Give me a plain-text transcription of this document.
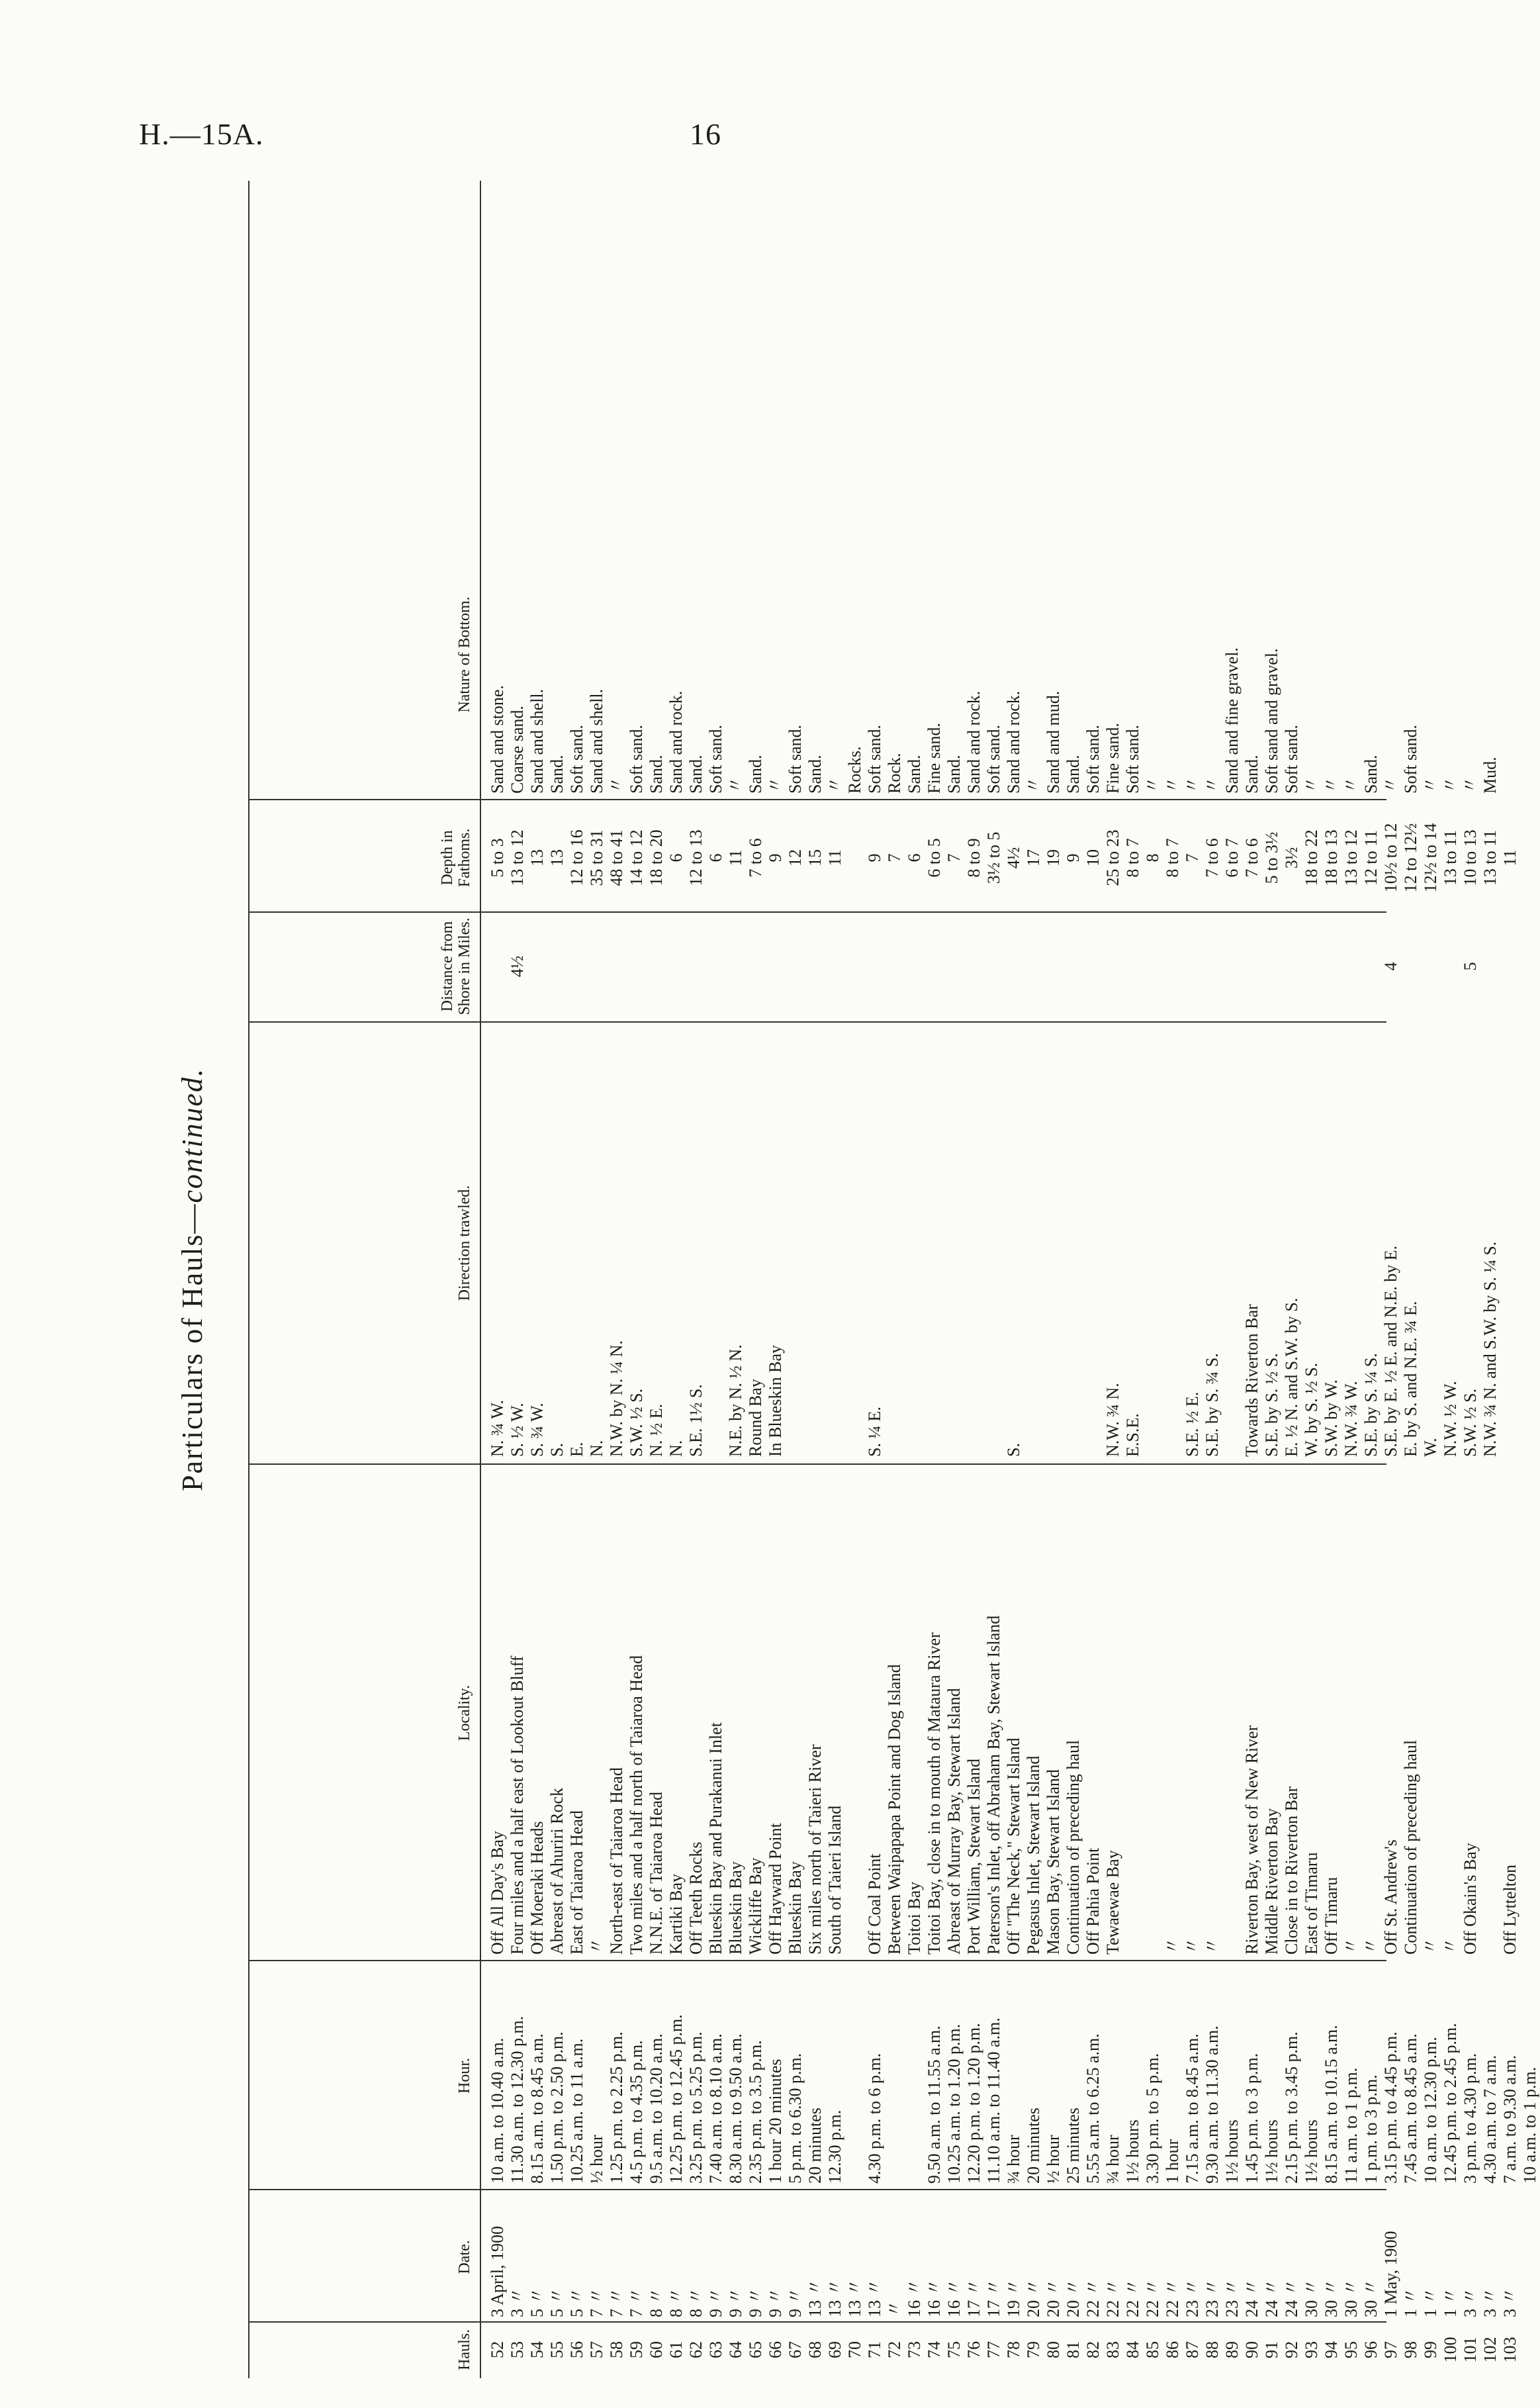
H.—15A.	16
Particulars of Hauls—continued.
Hauls.
Date.
Hour.
Locality.
Direction trawled.
Distance from Shore in Miles.
Depth in Fathoms.
Nature of Bottom.
52
3 April, 1900
10 a.m. to 10.40 a.m.
Off All Day's Bay
N. ¾ W.
5 to 3
Sand and stone.
53
3 〃
11.30 a.m. to 12.30 p.m.
Four miles and a half east of Lookout Bluff
S. ½ W.
4½
13 to 12
Coarse sand.
54
5 〃
8.15 a.m. to 8.45 a.m.
Off Moeraki Heads
S. ¾ W.
13
Sand and shell.
55
5 〃
1.50 p.m. to 2.50 p.m.
Abreast of Ahuriri Rock
S.
13
Sand.
56
5 〃
10.25 a.m. to 11 a.m.
East of Taiaroa Head
E.
12 to 16
Soft sand.
57
7 〃
½ hour
〃
N.
35 to 31
Sand and shell.
58
7 〃
1.25 p.m. to 2.25 p.m.
North-east of Taiaroa Head
N.W. by N. ¼ N.
48 to 41
〃
59
7 〃
4.5 p.m. to 4.35 p.m.
Two miles and a half north of Taiaroa Head
S.W. ½ S.
14 to 12
Soft sand.
60
8 〃
9.5 a.m. to 10.20 a.m.
N.N.E. of Taiaroa Head
N. ½ E.
18 to 20
Sand.
61
8 〃
12.25 p.m. to 12.45 p.m.
Kartiki Bay
N.
6
Sand and rock.
62
8 〃
3.25 p.m. to 5.25 p.m.
Off Teeth Rocks
S.E. 1½ S.
12 to 13
Sand.
63
9 〃
7.40 a.m. to 8.10 a.m.
Blueskin Bay and Purakanui Inlet
6
Soft sand.
64
9 〃
8.30 a.m. to 9.50 a.m.
Blueskin Bay
N.E. by N. ½ N.
11
〃
65
9 〃
2.35 p.m. to 3.5 p.m.
Wickliffe Bay
Round Bay
7 to 6
Sand.
66
9 〃
1 hour 20 minutes
Off Hayward Point
In Blueskin Bay
9
〃
67
9 〃
5 p.m. to 6.30 p.m.
Blueskin Bay
12
Soft sand.
68
13 〃
20 minutes
Six miles north of Taieri River
15
Sand.
69
13 〃
12.30 p.m.
South of Taieri Island
11
〃
70
13 〃
Rocks.
71
13 〃
4.30 p.m. to 6 p.m.
Off Coal Point
S. ¼ E.
9
Soft sand.
72
〃
Between Waipapapa Point and Dog Island
7
Rock.
73
16 〃
Toitoi Bay
6
Sand.
74
16 〃
9.50 a.m. to 11.55 a.m.
Toitoi Bay, close in to mouth of Mataura River
6 to 5
Fine sand.
75
16 〃
10.25 a.m. to 1.20 p.m.
Abreast of Murray Bay, Stewart Island
7
Sand.
76
17 〃
12.20 p.m. to 1.20 p.m.
Port William, Stewart Island
8 to 9
Sand and rock.
77
17 〃
11.10 a.m. to 11.40 a.m.
Paterson's Inlet, off Abraham Bay, Stewart Island
3½ to 5
Soft sand.
78
19 〃
¾ hour
Off "The Neck," Stewart Island
S.
4½
Sand and rock.
79
20 〃
20 minutes
Pegasus Inlet, Stewart Island
17
〃
80
20 〃
½ hour
Mason Bay, Stewart Island
19
Sand and mud.
81
20 〃
25 minutes
Continuation of preceding haul
9
Sand.
82
22 〃
5.55 a.m. to 6.25 a.m.
Off Pahia Point
10
Soft sand.
83
22 〃
¾ hour
Tewaewae Bay
N.W. ¾ N.
25 to 23
Fine sand.
84
22 〃
1½ hours
E.S.E.
8 to 7
Soft sand.
85
22 〃
3.30 p.m. to 5 p.m.
8
〃
86
22 〃
1 hour
〃
8 to 7
〃
87
23 〃
7.15 a.m. to 8.45 a.m.
〃
S.E. ½ E.
7
〃
88
23 〃
9.30 a.m. to 11.30 a.m.
〃
S.E. by S. ¾ S.
7 to 6
〃
89
23 〃
1½ hours
6 to 7
Sand and fine gravel.
90
24 〃
1.45 p.m. to 3 p.m.
Riverton Bay, west of New River
Towards Riverton Bar
7 to 6
Sand.
91
24 〃
1½ hours
Middle Riverton Bay
S.E. by S. ½ S.
5 to 3½
Soft sand and gravel.
92
24 〃
2.15 p.m. to 3.45 p.m.
Close in to Riverton Bar
E. ½ N. and S.W. by S.
3½
Soft sand.
93
30 〃
1½ hours
East of Timaru
W. by S. ½ S.
18 to 22
〃
94
30 〃
8.15 a.m. to 10.15 a.m.
Off Timaru
S.W. by W.
18 to 13
〃
95
30 〃
11 a.m. to 1 p.m.
〃
N.W. ¾ W.
13 to 12
〃
96
30 〃
1 p.m. to 3 p.m.
〃
S.E. by S. ¼ S.
12 to 11
Sand.
97
1 May, 1900
3.15 p.m. to 4.45 p.m.
Off St. Andrew's
S.E. by E. ½ E. and N.E. by E.
4
10½ to 12
〃
98
1 〃
7.45 a.m. to 8.45 a.m.
Continuation of preceding haul
E. by S. and N.E. ¾ E.
12 to 12½
Soft sand.
99
1 〃
10 a.m. to 12.30 p.m.
〃
W.
12½ to 14
〃
100
1 〃
12.45 p.m. to 2.45 p.m.
〃
N.W. ½ W.
13 to 11
〃
101
3 〃
3 p.m. to 4.30 p.m.
Off Okain's Bay
S.W. ½ S.
5
10 to 13
〃
102
3 〃
4.30 a.m. to 7 a.m.
N.W. ¾ N. and S.W. by S. ¼ S.
13 to 11
Mud.
103
3 〃
7 a.m. to 9.30 a.m.
Off Lyttelton
11
10 a.m. to 1 p.m.
